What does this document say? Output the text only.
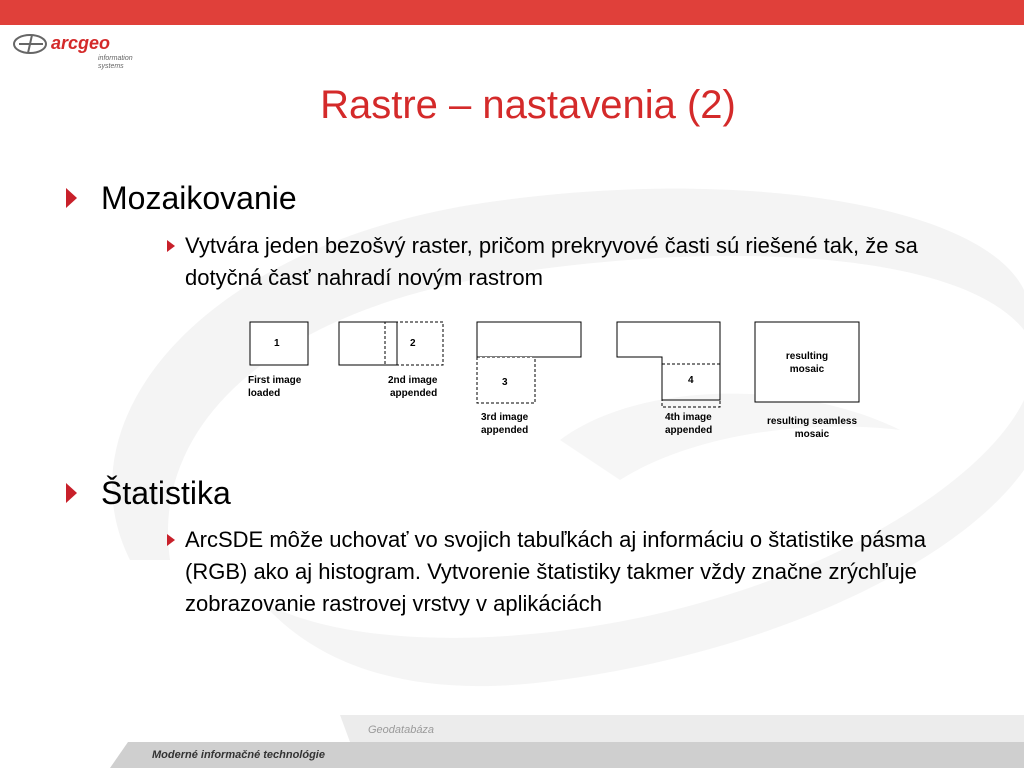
arcgeo
information
systems
Rastre – nastavenia (2)
Mozaikovanie
Vytvára jeden bezošvý raster, pričom prekryvové časti sú riešené tak, že sa dotyčná časť nahradí novým rastrom
1	2
3	4
First image
loaded
2nd image
appended
3rd image
appended
4th image
appended
resulting
mosaic
resulting seamless
mosaic
Štatistika
ArcSDE môže uchovať vo svojich tabuľkách aj informáciu o štatistike pásma (RGB) ako aj histogram. Vytvorenie štatistiky takmer vždy značne zrýchľuje zobrazovanie rastrovej vrstvy v aplikáciách
Geodatabáza
Moderné informačné technológie
